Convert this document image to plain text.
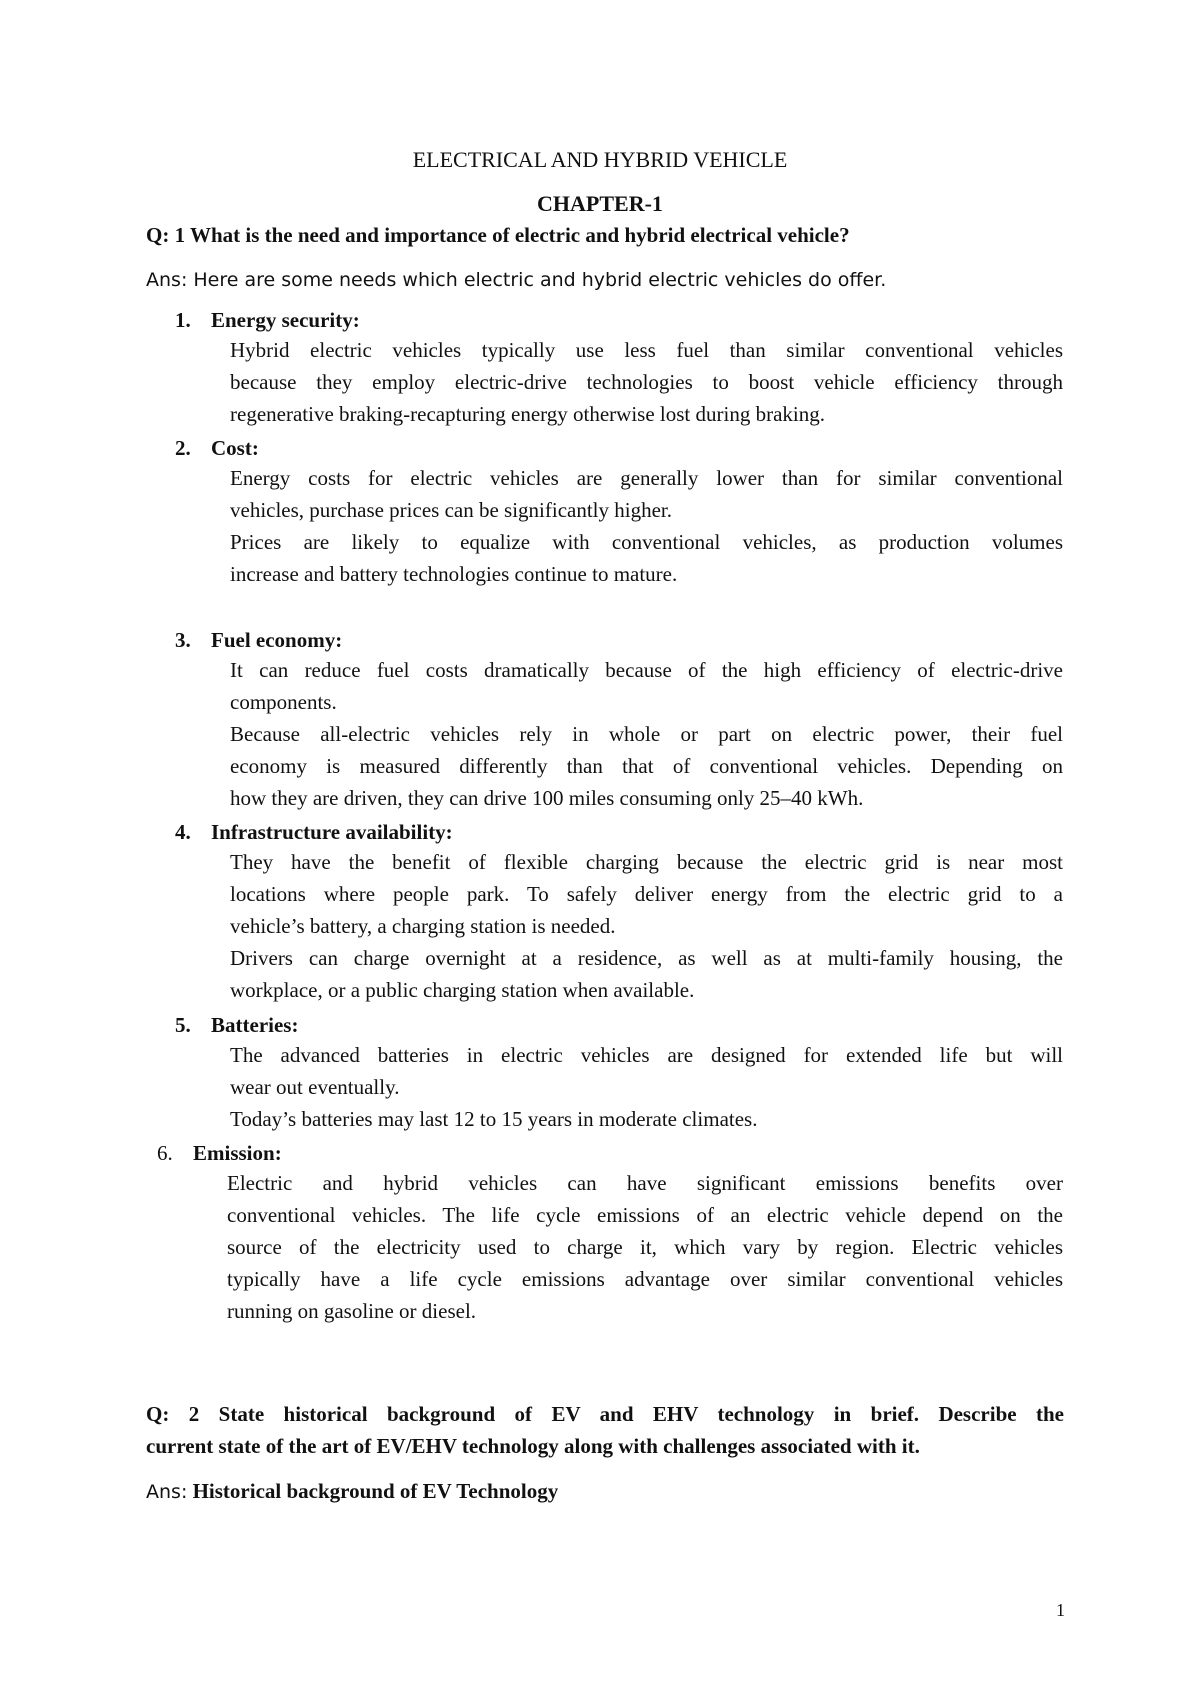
ELECTRICAL AND HYBRID VEHICLE
CHAPTER-1
Q: 1 What is the need and importance of electric and hybrid electrical vehicle?
Ans: Here are some needs which electric and hybrid electric vehicles do offer.
1. Energy security:
Hybrid electric vehicles typically use less fuel than similar conventional vehicles
because they employ electric-drive technologies to boost vehicle efficiency through
regenerative braking-recapturing energy otherwise lost during braking.
2. Cost:
Energy costs for electric vehicles are generally lower than for similar conventional
vehicles, purchase prices can be significantly higher.
Prices are likely to equalize with conventional vehicles, as production volumes
increase and battery technologies continue to mature.
3. Fuel economy:
It can reduce fuel costs dramatically because of the high efficiency of electric-drive
components.
Because all-electric vehicles rely in whole or part on electric power, their fuel
economy is measured differently than that of conventional vehicles. Depending on
how they are driven, they can drive 100 miles consuming only 25–40 kWh.
4. Infrastructure availability:
They have the benefit of flexible charging because the electric grid is near most
locations where people park. To safely deliver energy from the electric grid to a
vehicle’s battery, a charging station is needed.
Drivers can charge overnight at a residence, as well as at multi-family housing, the
workplace, or a public charging station when available.
5. Batteries:
The advanced batteries in electric vehicles are designed for extended life but will
wear out eventually.
Today’s batteries may last 12 to 15 years in moderate climates.
6. Emission:
Electric and hybrid vehicles can have significant emissions benefits over
conventional vehicles. The life cycle emissions of an electric vehicle depend on the
source of the electricity used to charge it, which vary by region. Electric vehicles
typically have a life cycle emissions advantage over similar conventional vehicles
running on gasoline or diesel.
Q: 2 State historical background of EV and EHV technology in brief. Describe the
current state of the art of EV/EHV technology along with challenges associated with it.
Ans: Historical background of EV Technology
1
